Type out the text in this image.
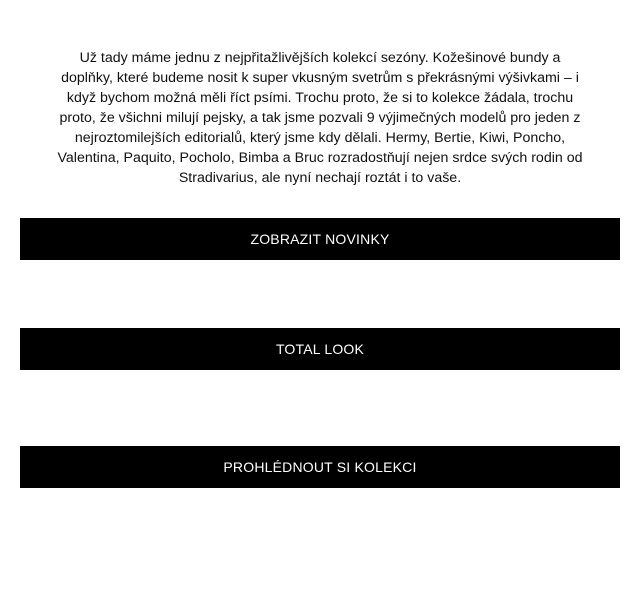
Už tady máme jednu z nejpřitažlivějších kolekcí sezóny. Kožešinové bundy a doplňky, které budeme nosit k super vkusným svetrům s překrásnými výšivkami – i když bychom možná měli říct psími. Trochu proto, že si to kolekce žádala, trochu proto, že všichni milují pejsky, a tak jsme pozvali 9 výjimečných modelů pro jeden z nejroztomilejších editorialů, který jsme kdy dělali. Hermy, Bertie, Kiwi, Poncho, Valentina, Paquito, Pocholo, Bimba a Bruc rozradostňují nejen srdce svých rodin od Stradivarius, ale nyní nechají roztát i to vaše.

ZOBRAZIT NOVINKY
TOTAL LOOK
PROHLÉDNOUT SI KOLEKCI
